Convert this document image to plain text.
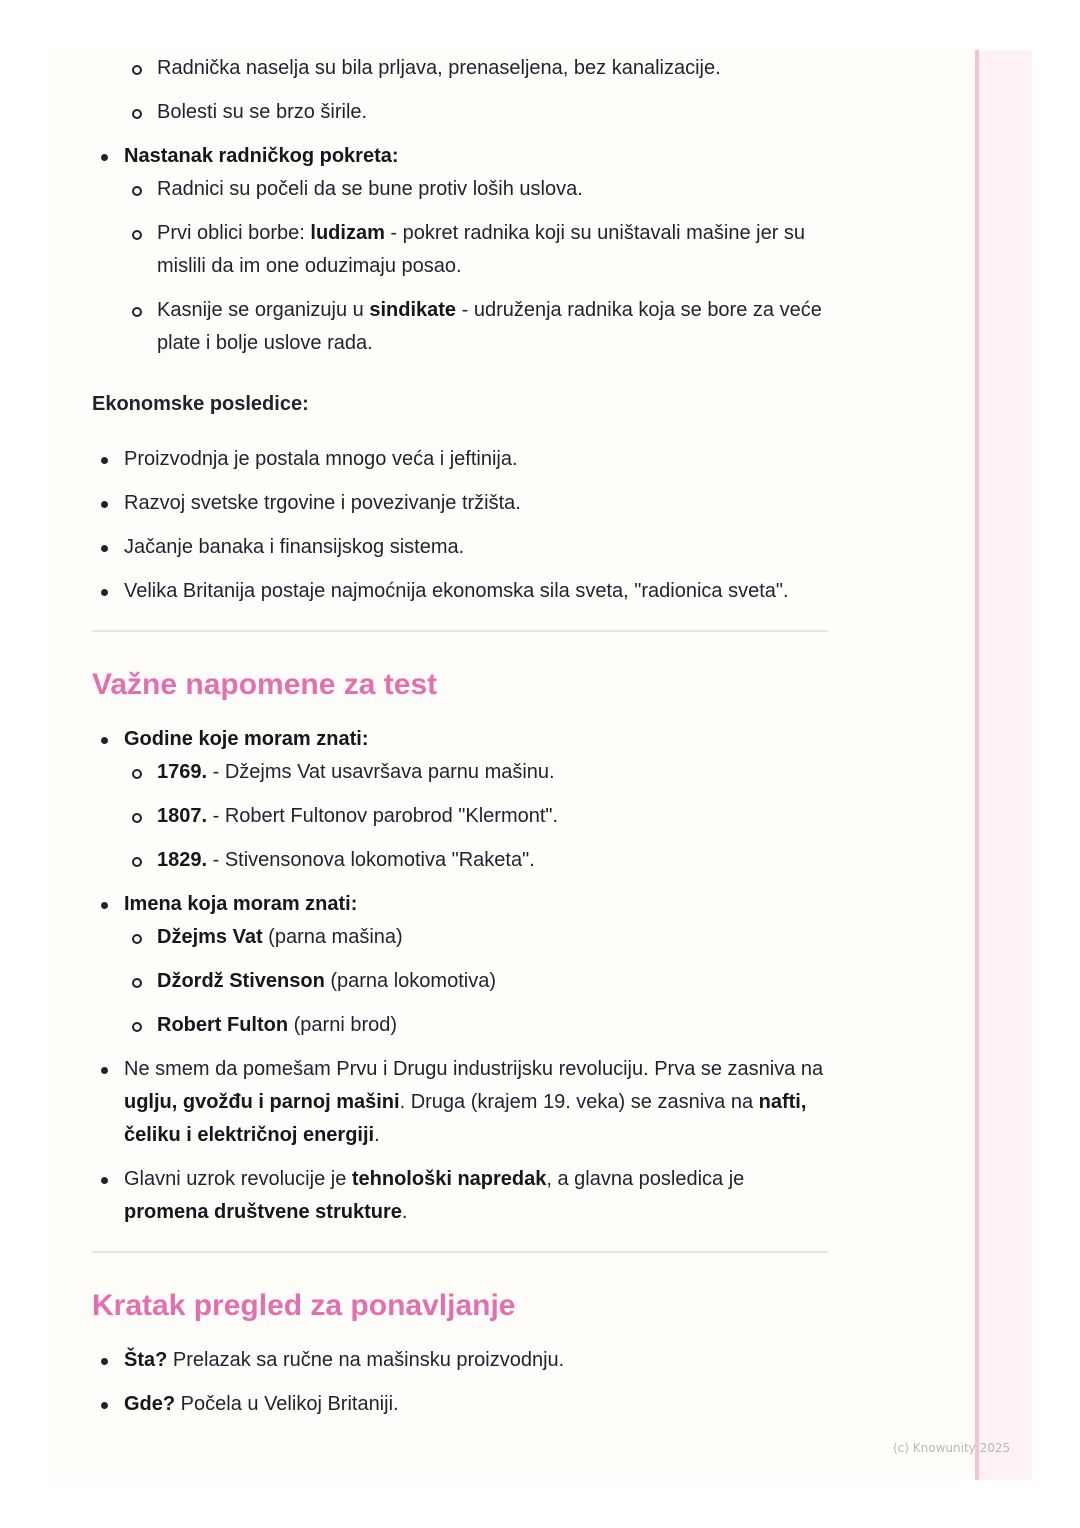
Radnička naselja su bila prljava, prenaseljena, bez kanalizacije.
Bolesti su se brzo širile.
Nastanak radničkog pokreta:
Radnici su počeli da se bune protiv loših uslova.
Prvi oblici borbe: ludizam - pokret radnika koji su uništavali mašine jer su mislili da im one oduzimaju posao.
Kasnije se organizuju u sindikate - udruženja radnika koja se bore za veće plate i bolje uslove rada.
Ekonomske posledice:
Proizvodnja je postala mnogo veća i jeftinija.
Razvoj svetske trgovine i povezivanje tržišta.
Jačanje banaka i finansijskog sistema.
Velika Britanija postaje najmoćnija ekonomska sila sveta, "radionica sveta".
Važne napomene za test
Godine koje moram znati:
1769. - Džejms Vat usavršava parnu mašinu.
1807. - Robert Fultonov parobrod "Klermont".
1829. - Stivensonova lokomotiva "Raketa".
Imena koja moram znati:
Džejms Vat (parna mašina)
Džordž Stivenson (parna lokomotiva)
Robert Fulton (parni brod)
Ne smem da pomešam Prvu i Drugu industrijsku revoluciju. Prva se zasniva na uglju, gvožđu i parnoj mašini. Druga (krajem 19. veka) se zasniva na nafti, čeliku i električnoj energiji.
Glavni uzrok revolucije je tehnološki napredak, a glavna posledica je promena društvene strukture.
Kratak pregled za ponavljanje
Šta? Prelazak sa ručne na mašinsku proizvodnju.
Gde? Počela u Velikoj Britaniji.
(c) Knowunity 2025
